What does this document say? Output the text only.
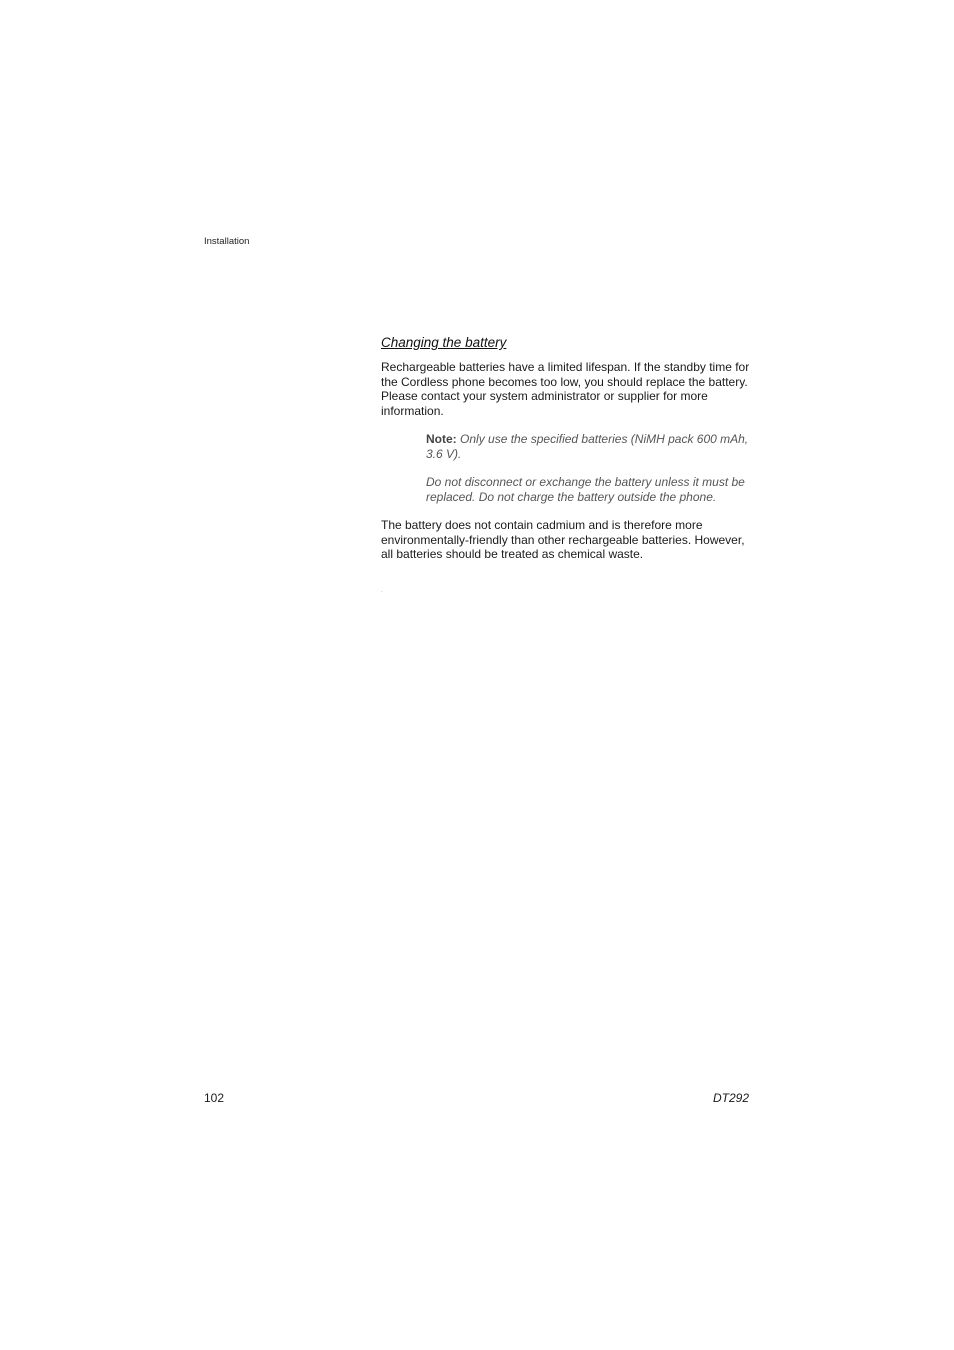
Installation
Changing the battery

Rechargeable batteries have a limited lifespan. If the standby time for the Cordless phone becomes too low, you should replace the battery. Please contact your system administrator or supplier for more information.

Note: Only use the specified batteries (NiMH pack 600 mAh, 3.6 V).

Do not disconnect or exchange the battery unless it must be replaced. Do not charge the battery outside the phone.

The battery does not contain cadmium and is therefore more environmentally-friendly than other rechargeable batteries. However, all batteries should be treated as chemical waste.

.
102	DT292
